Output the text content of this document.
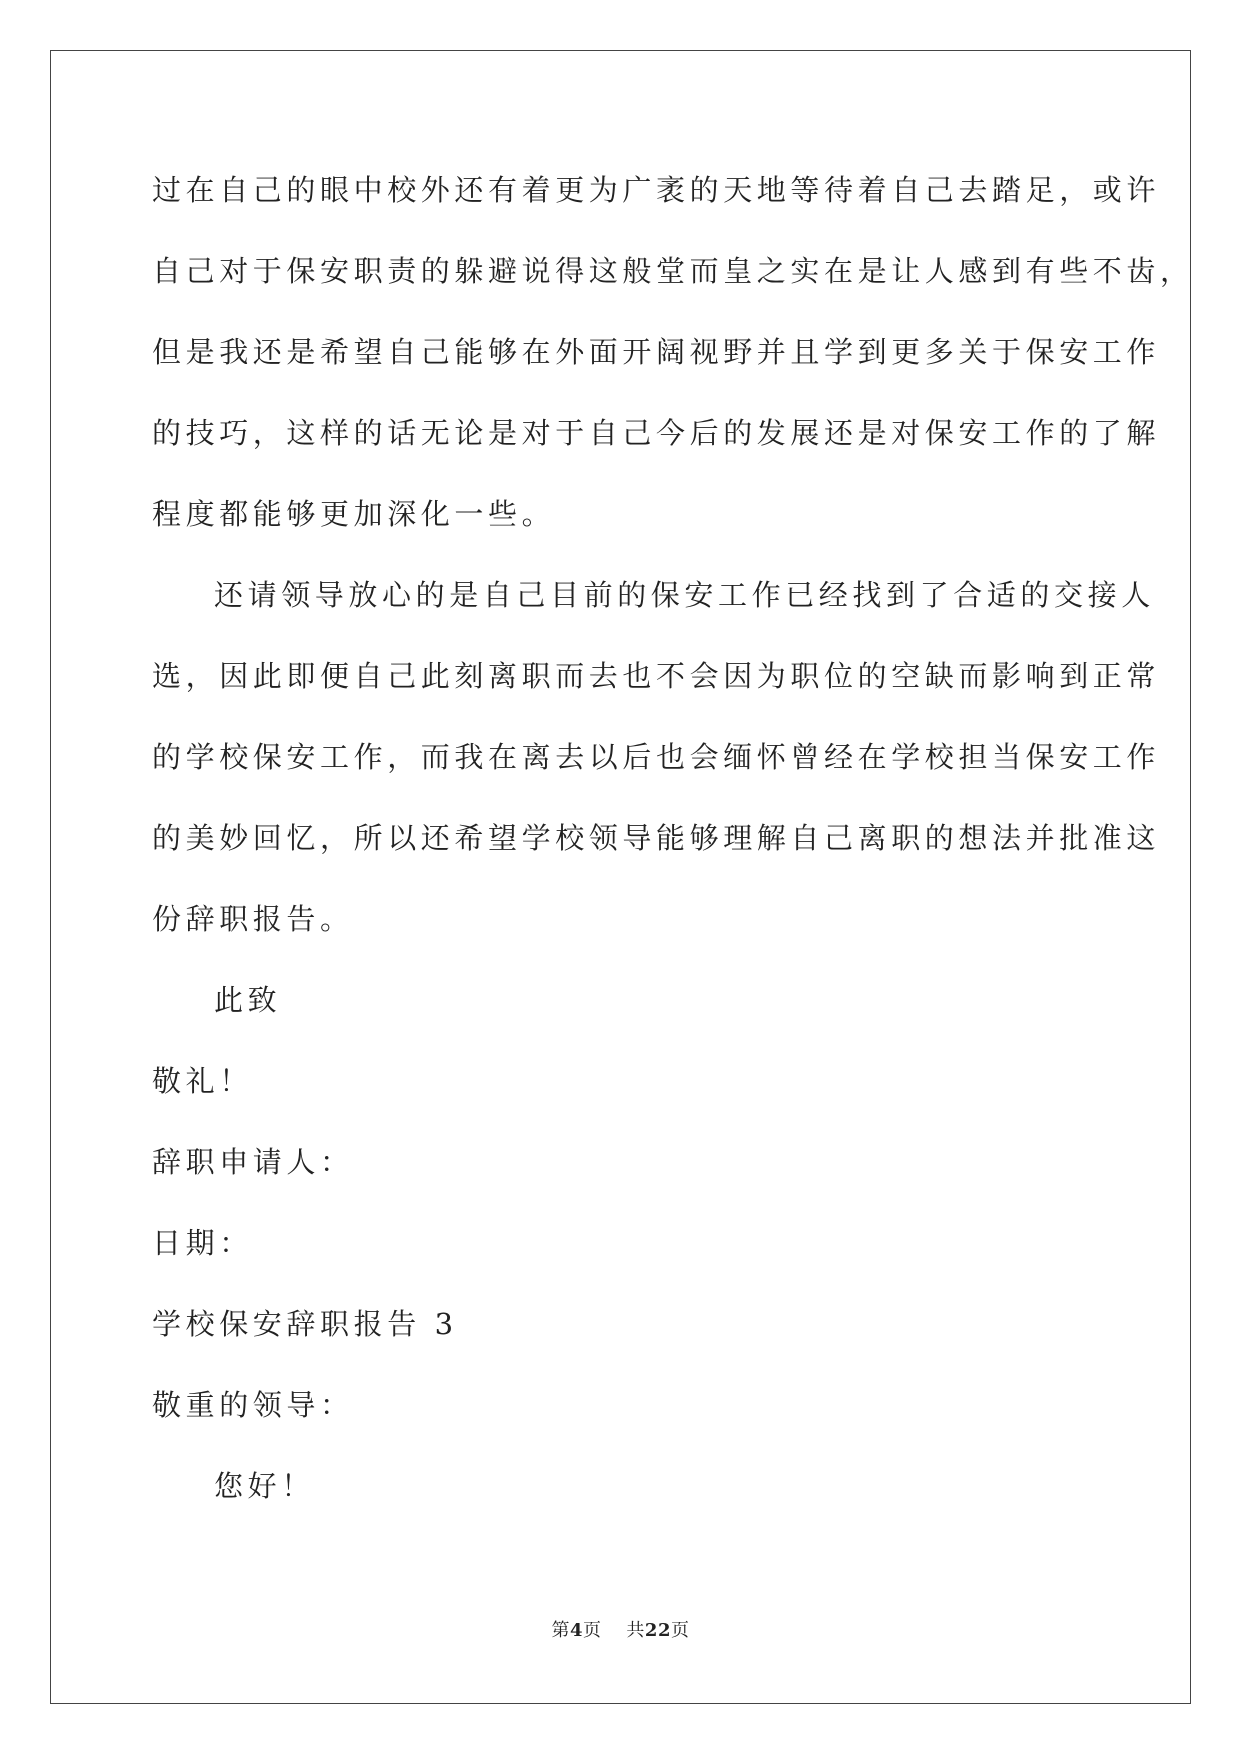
过在自己的眼中校外还有着更为广袤的天地等待着自己去踏足，或许
自己对于保安职责的躲避说得这般堂而皇之实在是让人感到有些不齿，
但是我还是希望自己能够在外面开阔视野并且学到更多关于保安工作
的技巧，这样的话无论是对于自己今后的发展还是对保安工作的了解
程度都能够更加深化一些。
还请领导放心的是自己目前的保安工作已经找到了合适的交接人
选，因此即便自己此刻离职而去也不会因为职位的空缺而影响到正常
的学校保安工作，而我在离去以后也会缅怀曾经在学校担当保安工作
的美妙回忆，所以还希望学校领导能够理解自己离职的想法并批准这
份辞职报告。
此致
敬礼！
辞职申请人：
日期：
学校保安辞职报告 3
敬重的领导：
您好！
第4页 共22页
